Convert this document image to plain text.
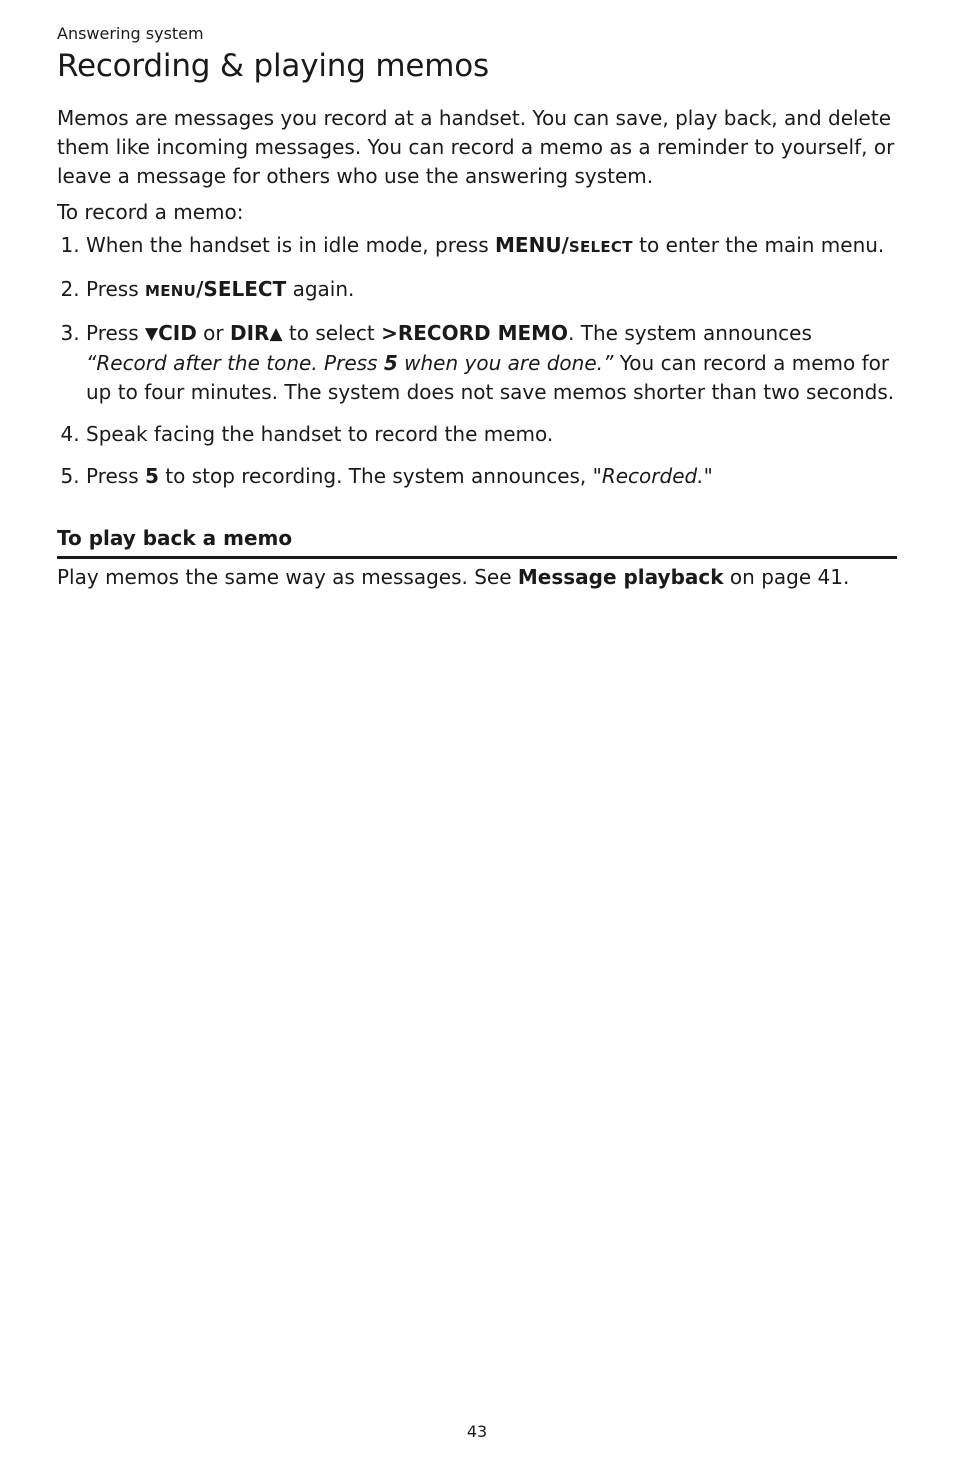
Answering system

Recording & playing memos

Memos are messages you record at a handset. You can save, play back, and delete them like incoming messages. You can record a memo as a reminder to yourself, or leave a message for others who use the answering system.

To record a memo:

1. When the handset is in idle mode, press MENU/SELECT to enter the main menu.
2. Press MENU/SELECT again.
3. Press ▼CID or DIR▲ to select >RECORD MEMO. The system announces “Record after the tone. Press 5 when you are done.” You can record a memo for up to four minutes. The system does not save memos shorter than two seconds.
4. Speak facing the handset to record the memo.
5. Press 5 to stop recording. The system announces, "Recorded."
To play back a memo

Play memos the same way as messages. See Message playback on page 41.

43
